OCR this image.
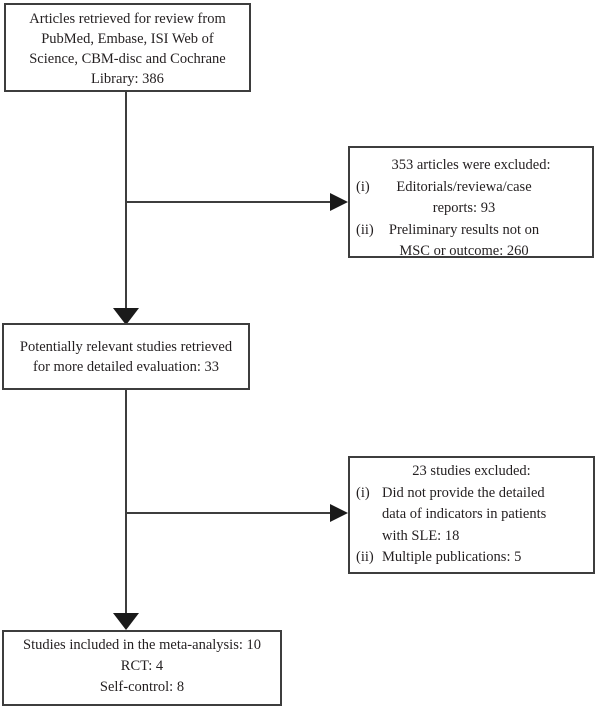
Articles retrieved for review from
PubMed, Embase, ISI Web of
Science, CBM-disc and Cochrane
Library: 386
353 articles were excluded:
(i)	Editorials/reviewa/case
reports: 93
(ii)	Preliminary results not on
MSC or outcome: 260
Potentially relevant studies retrieved
for more detailed evaluation: 33
23 studies excluded:
(i) Did not provide the detailed
data of indicators in patients
with SLE: 18
(ii) Multiple publications: 5
Studies included in the meta-analysis: 10
RCT: 4
Self-control: 8
